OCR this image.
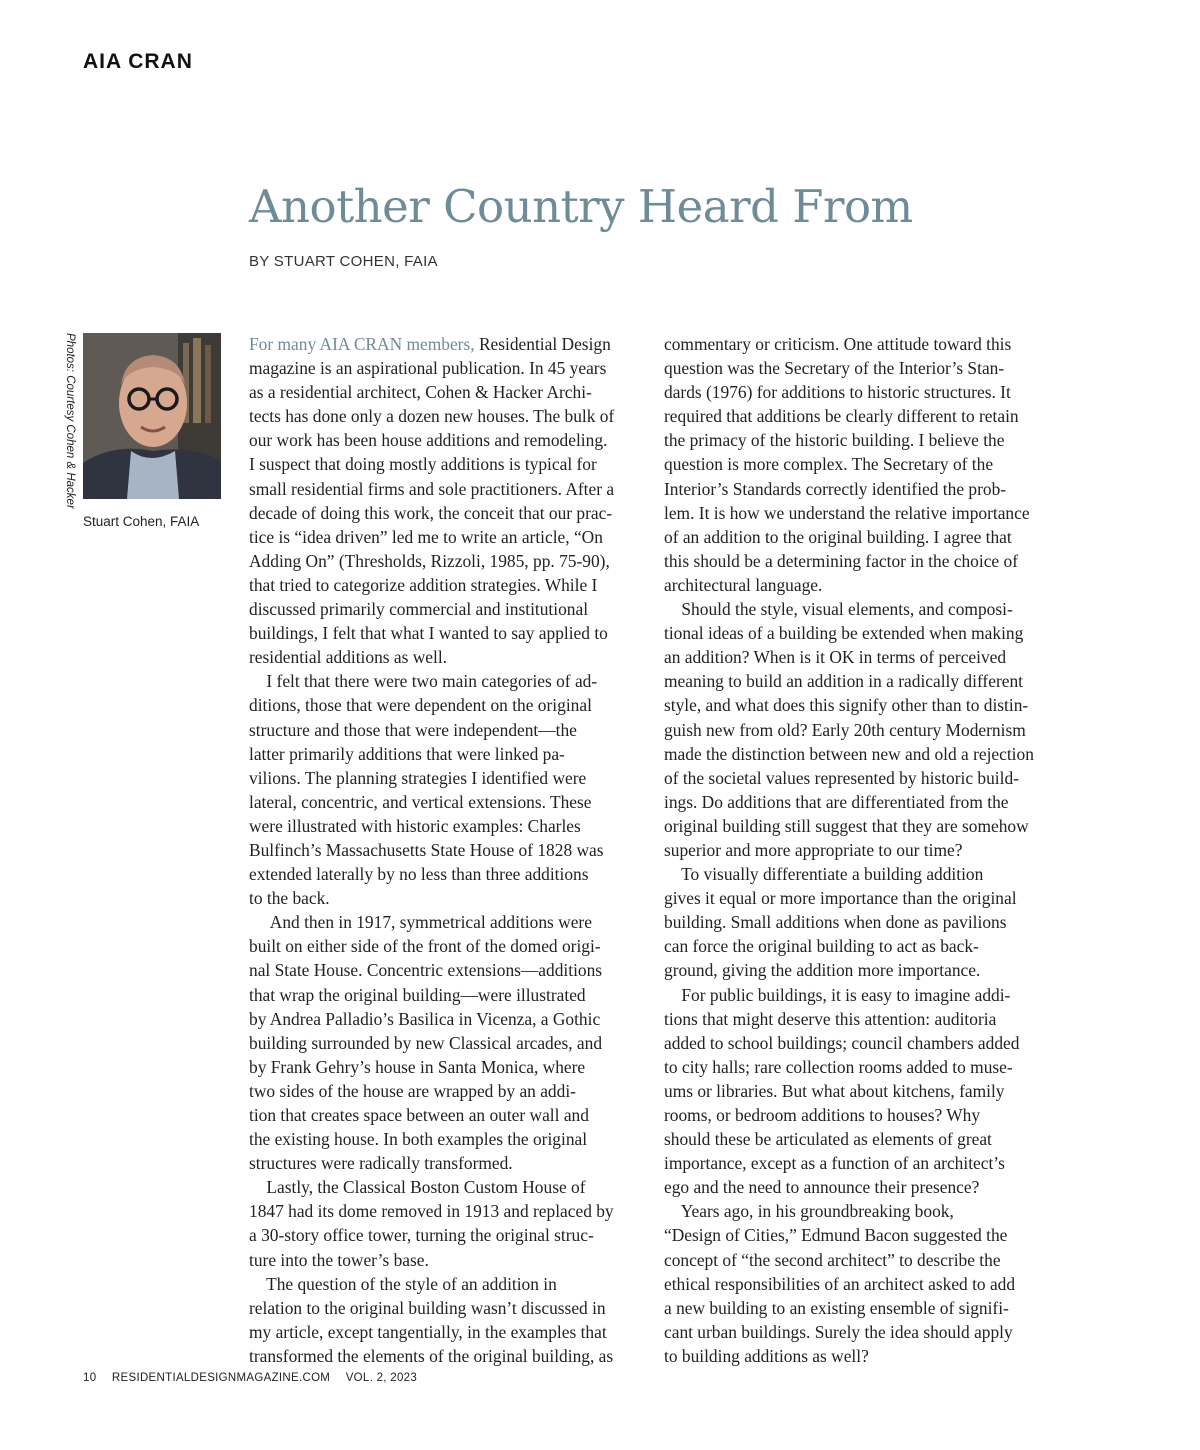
AIA CRAN
Another Country Heard From
BY STUART COHEN, FAIA
Photos: Courtesy Cohen & Hacker
Stuart Cohen, FAIA
For many AIA CRAN members, Residential Design
magazine is an aspirational publication. In 45 years
as a residential architect, Cohen & Hacker Archi-
tects has done only a dozen new houses. The bulk of
our work has been house additions and remodeling.
I suspect that doing mostly additions is typical for
small residential firms and sole practitioners. After a
decade of doing this work, the conceit that our prac-
tice is “idea driven” led me to write an article, “On
Adding On” (Thresholds, Rizzoli, 1985, pp. 75-90),
that tried to categorize addition strategies. While I
discussed primarily commercial and institutional
buildings, I felt that what I wanted to say applied to
residential additions as well.
I felt that there were two main categories of ad-
ditions, those that were dependent on the original
structure and those that were independent—the
latter primarily additions that were linked pa-
vilions. The planning strategies I identified were
lateral, concentric, and vertical extensions. These
were illustrated with historic examples: Charles
Bulfinch’s Massachusetts State House of 1828 was
extended laterally by no less than three additions
to the back.
And then in 1917, symmetrical additions were
built on either side of the front of the domed origi-
nal State House. Concentric extensions—additions
that wrap the original building—were illustrated
by Andrea Palladio’s Basilica in Vicenza, a Gothic
building surrounded by new Classical arcades, and
by Frank Gehry’s house in Santa Monica, where
two sides of the house are wrapped by an addi-
tion that creates space between an outer wall and
the existing house. In both examples the original
structures were radically transformed.
Lastly, the Classical Boston Custom House of
1847 had its dome removed in 1913 and replaced by
a 30-story office tower, turning the original struc-
ture into the tower’s base.
The question of the style of an addition in
relation to the original building wasn’t discussed in
my article, except tangentially, in the examples that
transformed the elements of the original building, as
commentary or criticism. One attitude toward this
question was the Secretary of the Interior’s Stan-
dards (1976) for additions to historic structures. It
required that additions be clearly different to retain
the primacy of the historic building. I believe the
question is more complex. The Secretary of the
Interior’s Standards correctly identified the prob-
lem. It is how we understand the relative importance
of an addition to the original building. I agree that
this should be a determining factor in the choice of
architectural language.
Should the style, visual elements, and composi-
tional ideas of a building be extended when making
an addition? When is it OK in terms of perceived
meaning to build an addition in a radically different
style, and what does this signify other than to distin-
guish new from old? Early 20th century Modernism
made the distinction between new and old a rejection
of the societal values represented by historic build-
ings. Do additions that are differentiated from the
original building still suggest that they are somehow
superior and more appropriate to our time?
To visually differentiate a building addition
gives it equal or more importance than the original
building. Small additions when done as pavilions
can force the original building to act as back-
ground, giving the addition more importance.
For public buildings, it is easy to imagine addi-
tions that might deserve this attention: auditoria
added to school buildings; council chambers added
to city halls; rare collection rooms added to muse-
ums or libraries. But what about kitchens, family
rooms, or bedroom additions to houses? Why
should these be articulated as elements of great
importance, except as a function of an architect’s
ego and the need to announce their presence?
Years ago, in his groundbreaking book,
“Design of Cities,” Edmund Bacon suggested the
concept of “the second architect” to describe the
ethical responsibilities of an architect asked to add
a new building to an existing ensemble of signifi-
cant urban buildings. Surely the idea should apply
to building additions as well?
10 RESIDENTIALDESIGNMAGAZINE.COM VOL. 2, 2023
